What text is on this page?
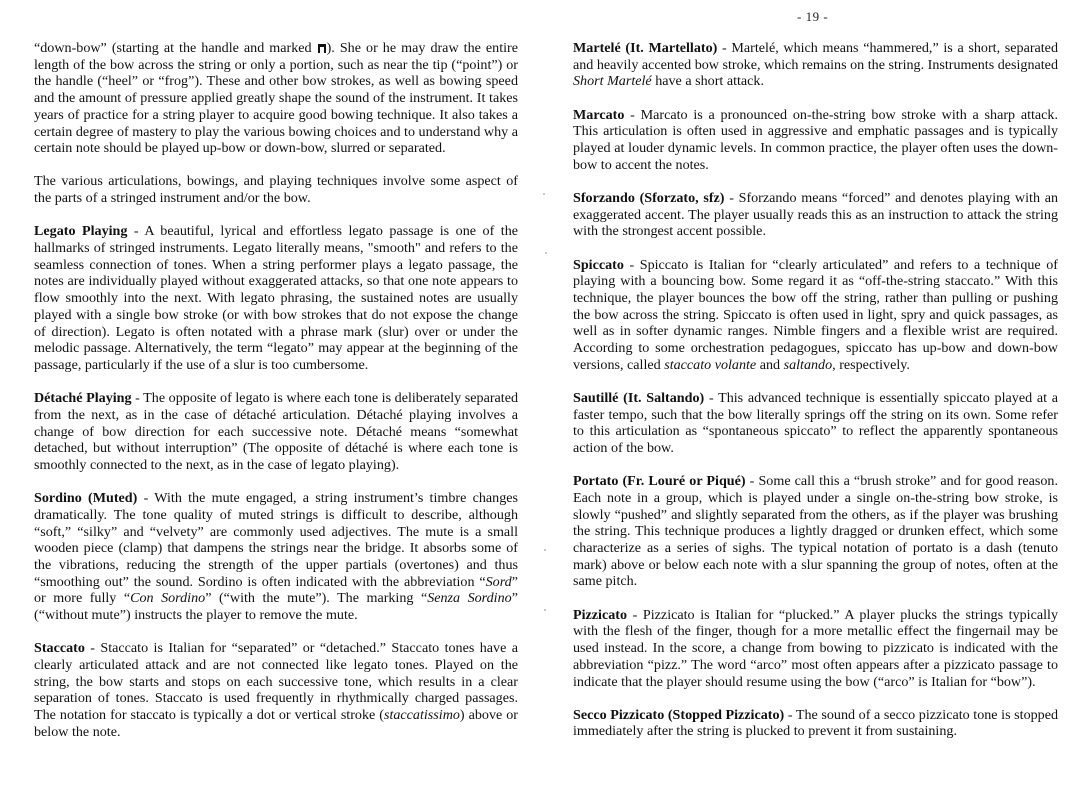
- 19 -

“down-bow” (starting at the handle and marked ). She or he may draw the entire length of the bow across the string or only a portion, such as near the tip (“point”) or the handle (“heel” or “frog”). These and other bow strokes, as well as bowing speed and the amount of pressure applied greatly shape the sound of the instrument. It takes years of practice for a string player to acquire good bowing technique. It also takes a certain degree of mastery to play the various bowing choices and to understand why a certain note should be played up-bow or down-bow, slurred or separated.

The various articulations, bowings, and playing techniques involve some aspect of the parts of a stringed instrument and/or the bow.

Legato Playing - A beautiful, lyrical and effortless legato passage is one of the hallmarks of stringed instruments. Legato literally means, "smooth" and refers to the seamless connection of tones. When a string performer plays a legato passage, the notes are individually played without exaggerated attacks, so that one note appears to flow smoothly into the next. With legato phrasing, the sustained notes are usually played with a single bow stroke (or with bow strokes that do not expose the change of direction). Legato is often notated with a phrase mark (slur) over or under the melodic passage. Alternatively, the term “legato” may appear at the beginning of the passage, particularly if the use of a slur is too cumbersome.

Détaché Playing - The opposite of legato is where each tone is deliberately separated from the next, as in the case of détaché articulation. Détaché playing involves a change of bow direction for each successive note. Détaché means “somewhat detached, but without interruption” (The opposite of détaché is where each tone is smoothly connected to the next, as in the case of legato playing).

Sordino (Muted) - With the mute engaged, a string instrument’s timbre changes dramatically. The tone quality of muted strings is difficult to describe, although “soft,” “silky” and “velvety” are commonly used adjectives. The mute is a small wooden piece (clamp) that dampens the strings near the bridge. It absorbs some of the vibrations, reducing the strength of the upper partials (overtones) and thus “smoothing out” the sound. Sordino is often indicated with the abbreviation “Sord” or more fully “Con Sordino” (“with the mute”). The marking “Senza Sordino” (“without mute”) instructs the player to remove the mute.

Staccato - Staccato is Italian for “separated” or “detached.” Staccato tones have a clearly articulated attack and are not connected like legato tones. Played on the string, the bow starts and stops on each successive tone, which results in a clear separation of tones. Staccato is used frequently in rhythmically charged passages. The notation for staccato is typically a dot or vertical stroke (staccatissimo) above or below the note.

Martelé (It. Martellato) - Martelé, which means “hammered,” is a short, separated and heavily accented bow stroke, which remains on the string. Instruments designated Short Martelé have a short attack.

Marcato - Marcato is a pronounced on-the-string bow stroke with a sharp attack. This articulation is often used in aggressive and emphatic passages and is typically played at louder dynamic levels. In common practice, the player often uses the down-bow to accent the notes.

Sforzando (Sforzato, sfz) - Sforzando means “forced” and denotes playing with an exaggerated accent. The player usually reads this as an instruction to attack the string with the strongest accent possible.

Spiccato - Spiccato is Italian for “clearly articulated” and refers to a technique of playing with a bouncing bow. Some regard it as “off-the-string staccato.” With this technique, the player bounces the bow off the string, rather than pulling or pushing the bow across the string. Spiccato is often used in light, spry and quick passages, as well as in softer dynamic ranges. Nimble fingers and a flexible wrist are required. According to some orchestration pedagogues, spiccato has up-bow and down-bow versions, called staccato volante and saltando, respectively.

Sautillé (It. Saltando) - This advanced technique is essentially spiccato played at a faster tempo, such that the bow literally springs off the string on its own. Some refer to this articulation as “spontaneous spiccato” to reflect the apparently spontaneous action of the bow.

Portato (Fr. Louré or Piqué) - Some call this a “brush stroke” and for good reason. Each note in a group, which is played under a single on-the-string bow stroke, is slowly “pushed” and slightly separated from the others, as if the player was brushing the string. This technique produces a lightly dragged or drunken effect, which some characterize as a series of sighs. The typical notation of portato is a dash (tenuto mark) above or below each note with a slur spanning the group of notes, often at the same pitch.

Pizzicato - Pizzicato is Italian for “plucked.” A player plucks the strings typically with the flesh of the finger, though for a more metallic effect the fingernail may be used instead. In the score, a change from bowing to pizzicato is indicated with the abbreviation “pizz.” The word “arco” most often appears after a pizzicato passage to indicate that the player should resume using the bow (“arco” is Italian for “bow”).

Secco Pizzicato (Stopped Pizzicato) - The sound of a secco pizzicato tone is stopped immediately after the string is plucked to prevent it from sustaining.
